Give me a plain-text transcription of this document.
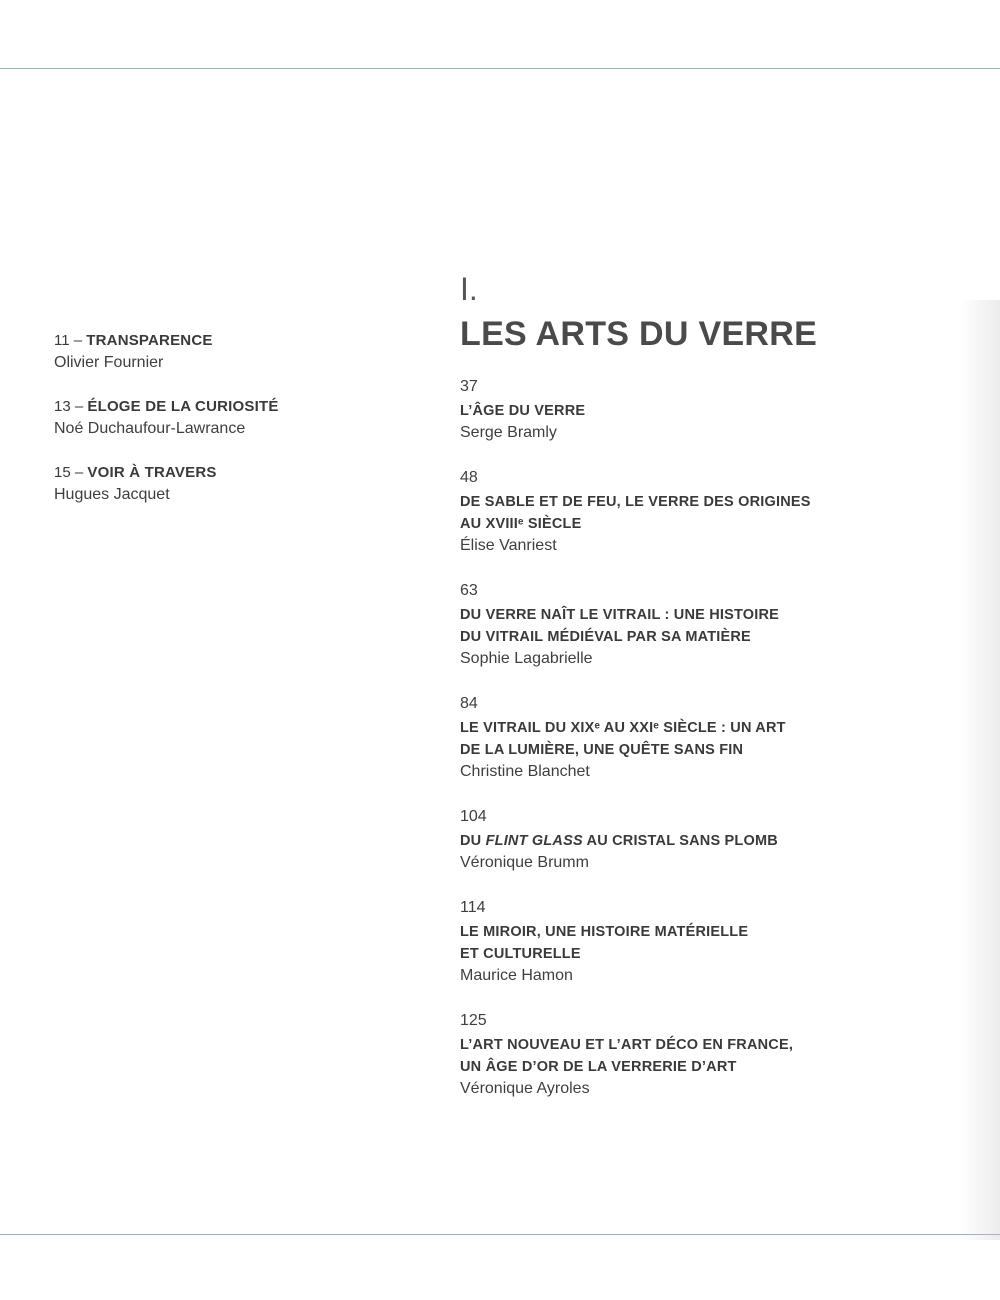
11 – TRANSPARENCE
Olivier Fournier
13 – ÉLOGE DE LA CURIOSITÉ
Noé Duchaufour-Lawrance
15 – VOIR À TRAVERS
Hugues Jacquet
I.
LES ARTS DU VERRE
37
L’ÂGE DU VERRE
Serge Bramly
48
DE SABLE ET DE FEU, LE VERRE DES ORIGINES
AU XVIIIᵉ SIÈCLE
Élise Vanriest
63
DU VERRE NAÎT LE VITRAIL : UNE HISTOIRE
DU VITRAIL MÉDIÉVAL PAR SA MATIÈRE
Sophie Lagabrielle
84
LE VITRAIL DU XIXᵉ AU XXIᵉ SIÈCLE : UN ART
DE LA LUMIÈRE, UNE QUÊTE SANS FIN
Christine Blanchet
104
DU FLINT GLASS AU CRISTAL SANS PLOMB
Véronique Brumm
114
LE MIROIR, UNE HISTOIRE MATÉRIELLE
ET CULTURELLE
Maurice Hamon
125
L’ART NOUVEAU ET L’ART DÉCO EN FRANCE,
UN ÂGE D’OR DE LA VERRERIE D’ART
Véronique Ayroles
